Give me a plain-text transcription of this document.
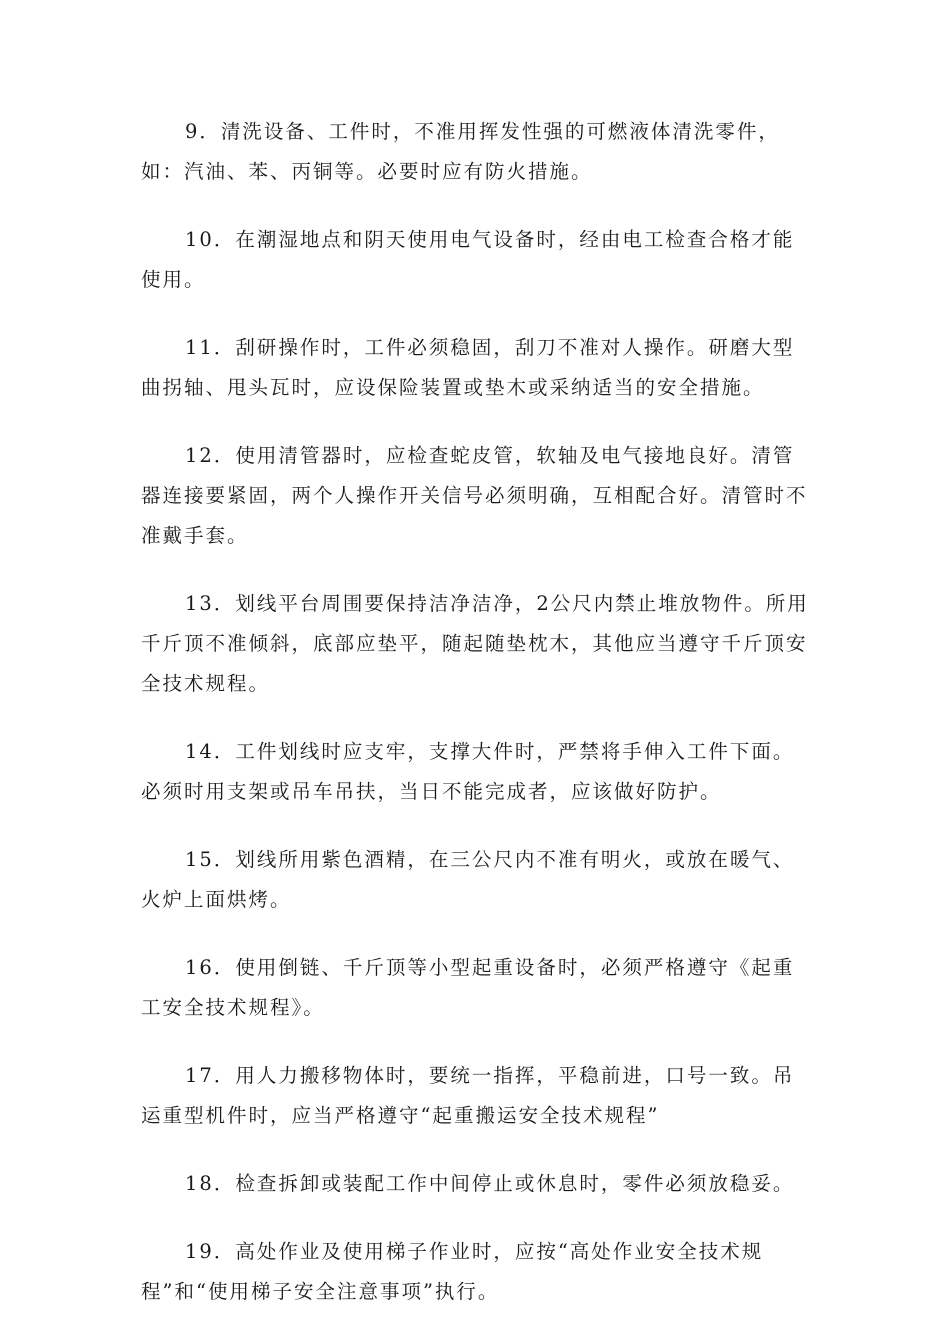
9．清洗设备、工件时，不准用挥发性强的可燃液体清洗零件，如：汽油、苯、丙铜等。必要时应有防火措施。

10．在潮湿地点和阴天使用电气设备时，经由电工检查合格才能使用。

11．刮研操作时，工件必须稳固，刮刀不准对人操作。研磨大型曲拐轴、甩头瓦时，应设保险装置或垫木或采纳适当的安全措施。

12．使用清管器时，应检查蛇皮管，软轴及电气接地良好。清管器连接要紧固，两个人操作开关信号必须明确，互相配合好。清管时不准戴手套。

13．划线平台周围要保持洁净洁净，2公尺内禁止堆放物件。所用千斤顶不准倾斜，底部应垫平，随起随垫枕木，其他应当遵守千斤顶安全技术规程。

14．工件划线时应支牢，支撑大件时，严禁将手伸入工件下面。必须时用支架或吊车吊扶，当日不能完成者，应该做好防护。

15．划线所用紫色酒精，在三公尺内不准有明火，或放在暖气、火炉上面烘烤。

16．使用倒链、千斤顶等小型起重设备时，必须严格遵守《起重工安全技术规程》。

17．用人力搬移物体时，要统一指挥，平稳前进，口号一致。吊运重型机件时，应当严格遵守“起重搬运安全技术规程”

18．检查拆卸或装配工作中间停止或休息时，零件必须放稳妥。

19．高处作业及使用梯子作业时，应按“高处作业安全技术规程”和“使用梯子安全注意事项”执行。
